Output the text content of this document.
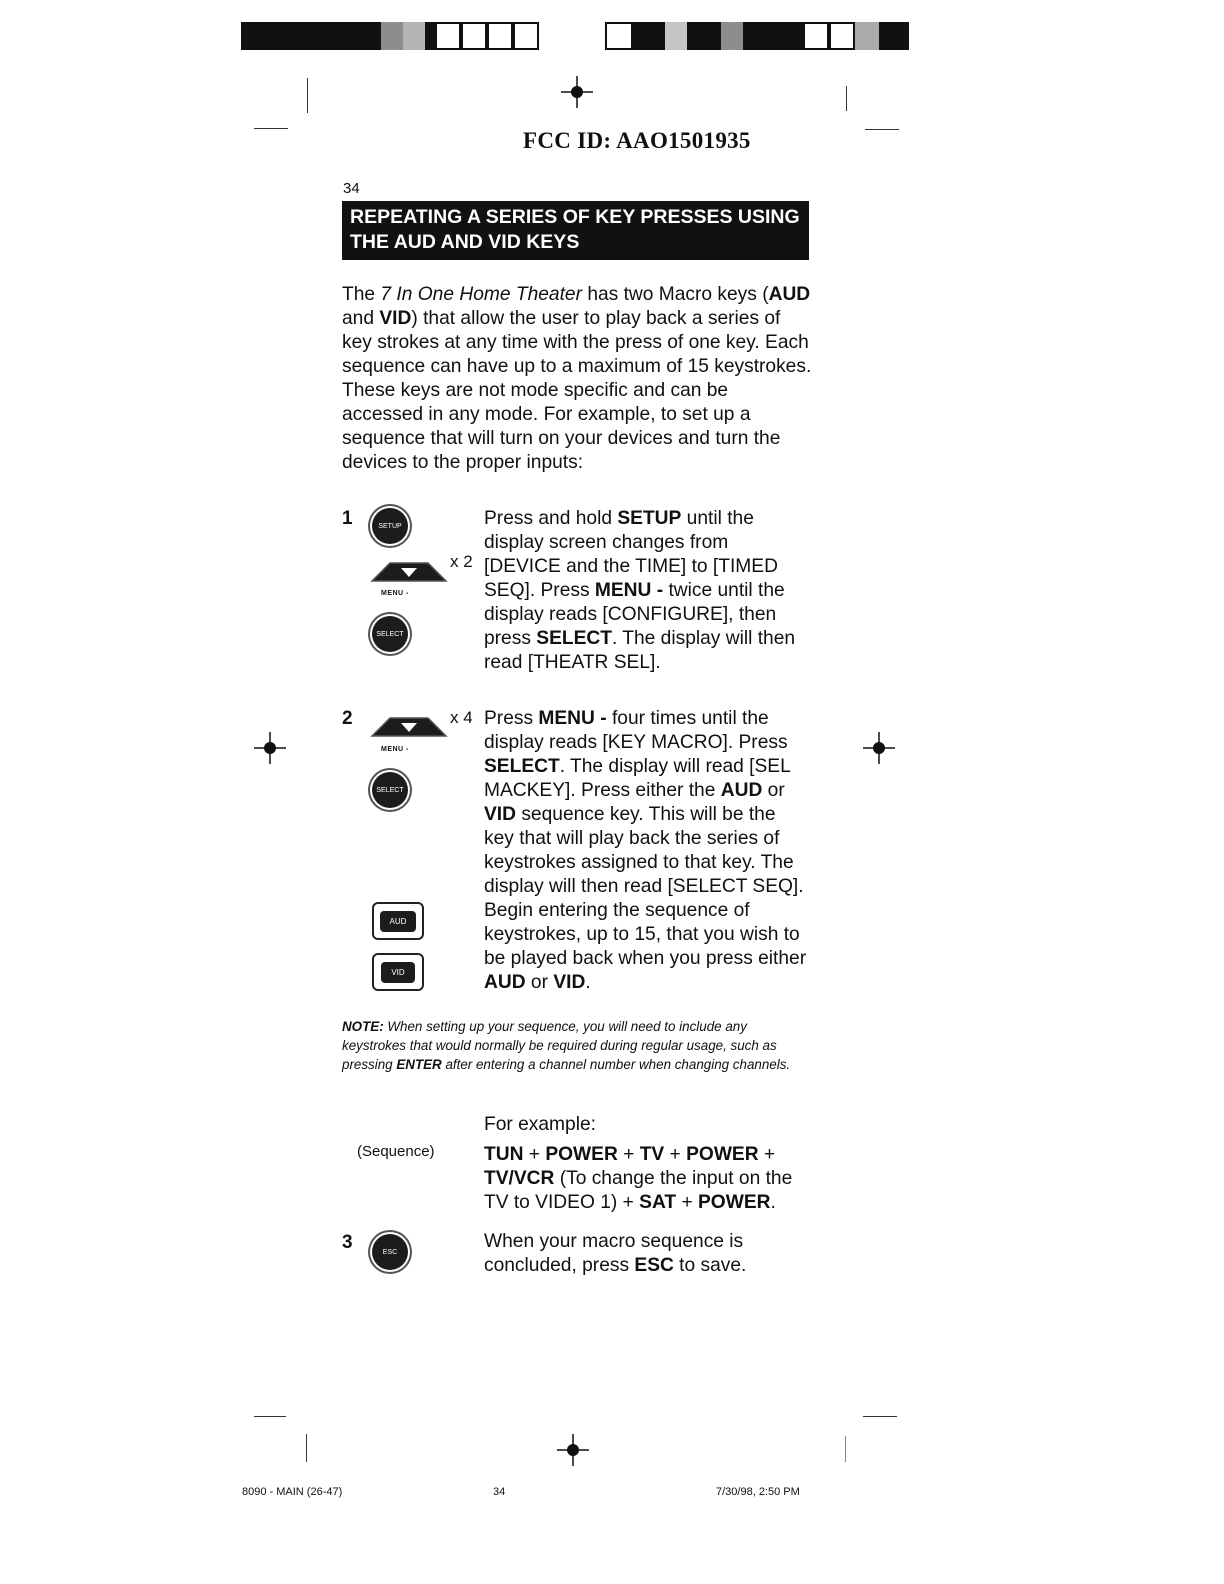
FCC ID: AAO1501935
34
REPEATING A SERIES OF KEY PRESSES USING
THE AUD AND VID KEYS

The 7 In One Home Theater has two Macro keys (AUD and VID) that allow the user to play back a series of key strokes at any time with the press of one key. Each sequence can have up to a maximum of 15 keystrokes. These keys are not mode specific and can be accessed in any mode. For example, to set up a sequence that will turn on your devices and turn the devices to the proper inputs:

1	SETUP
MENU -
x 2
SELECT

Press and hold SETUP until the display screen changes from [DEVICE and the TIME] to [TIMED SEQ]. Press MENU - twice until the display reads [CONFIGURE], then press SELECT. The display will then read [THEATR SEL].

2
MENU -
x 4
SELECT
AUD
VID

Press MENU - four times until the display reads [KEY MACRO]. Press SELECT. The display will read [SEL MACKEY]. Press either the AUD or VID sequence key. This will be the key that will play back the series of keystrokes assigned to that key. The display will then read [SELECT SEQ]. Begin entering the sequence of keystrokes, up to 15, that you wish to be played back when you press either AUD or VID.

NOTE: When setting up your sequence, you will need to include any keystrokes that would normally be required during regular usage, such as pressing ENTER after entering a channel number when changing channels.
For example:
(Sequence)	TUN + POWER + TV + POWER + TV/VCR (To change the input on the TV to VIDEO 1) + SAT + POWER.

3	ESC	When your macro sequence is concluded, press ESC to save.

8090 - MAIN (26-47)	34	7/30/98, 2:50 PM
